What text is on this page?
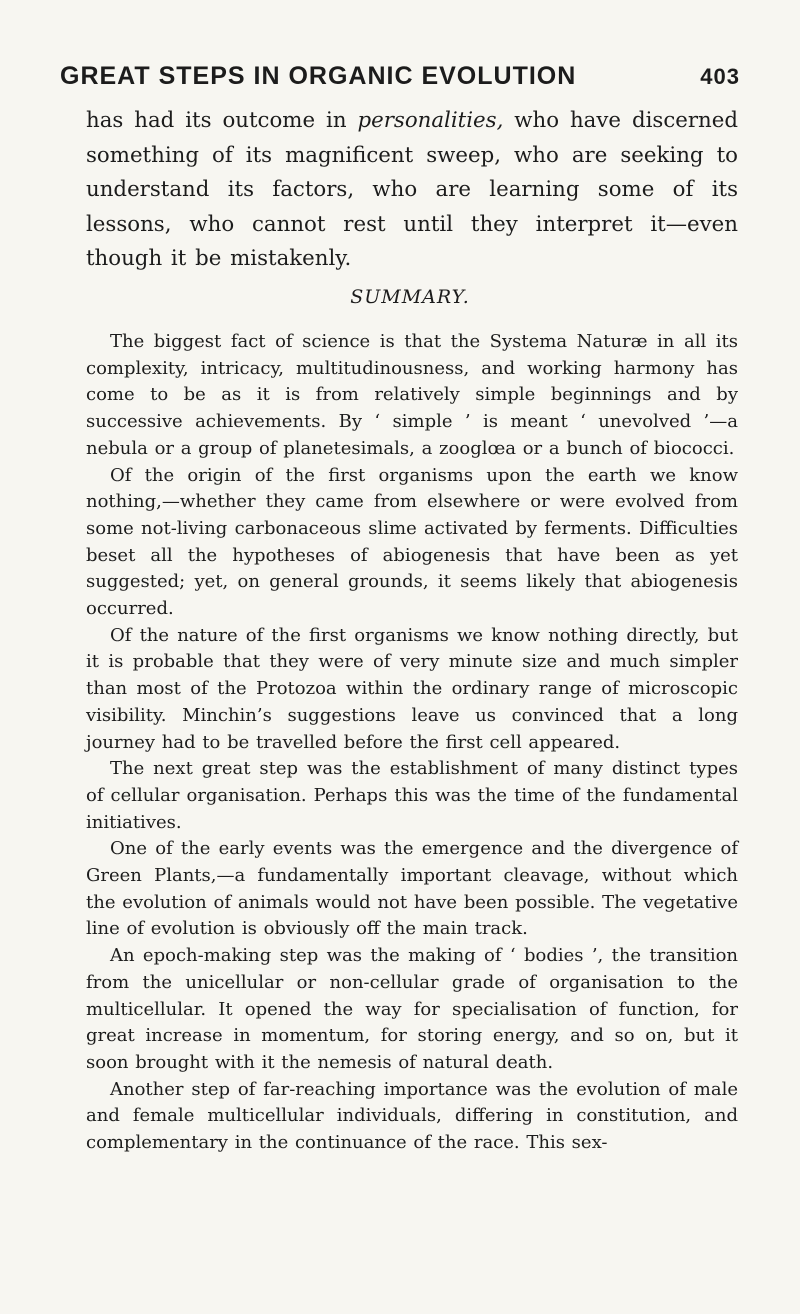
GREAT STEPS IN ORGANIC EVOLUTION	403

has had its outcome in personalities, who have discerned something of its magnificent sweep, who are seeking to understand its factors, who are learning some of its lessons, who cannot rest until they interpret it—even though it be mistakenly.

SUMMARY.

The biggest fact of science is that the Systema Naturæ in all its complexity, intricacy, multitudinousness, and working harmony has come to be as it is from relatively simple beginnings and by successive achievements. By ‘ simple ’ is meant ‘ unevolved ’—a nebula or a group of planetesimals, a zooglœa or a bunch of biococci.

Of the origin of the first organisms upon the earth we know nothing,—whether they came from elsewhere or were evolved from some not-living carbonaceous slime activated by ferments. Difficulties beset all the hypotheses of abiogenesis that have been as yet suggested; yet, on general grounds, it seems likely that abiogenesis occurred.

Of the nature of the first organisms we know nothing directly, but it is probable that they were of very minute size and much simpler than most of the Protozoa within the ordinary range of microscopic visibility. Minchin’s suggestions leave us convinced that a long journey had to be travelled before the first cell appeared.

The next great step was the establishment of many distinct types of cellular organisation. Perhaps this was the time of the fundamental initiatives.

One of the early events was the emergence and the divergence of Green Plants,—a fundamentally important cleavage, without which the evolution of animals would not have been possible. The vegetative line of evolution is obviously off the main track.

An epoch-making step was the making of ‘ bodies ’, the transition from the unicellular or non-cellular grade of organisation to the multicellular. It opened the way for specialisation of function, for great increase in momentum, for storing energy, and so on, but it soon brought with it the nemesis of natural death.

Another step of far-reaching importance was the evolution of male and female multicellular individuals, differing in constitution, and complementary in the continuance of the race. This sex-
